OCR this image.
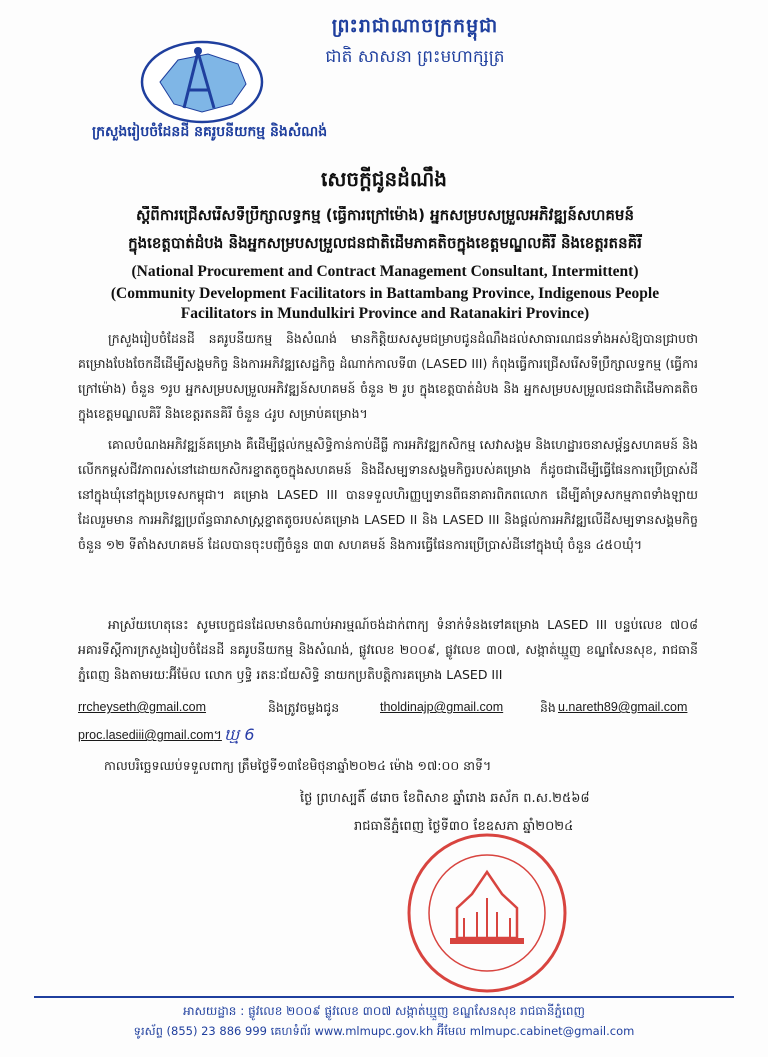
ព្រះរាជាណាចក្រកម្ពុជា
ជាតិ សាសនា ព្រះមហាក្សត្រ
ក្រសួងរៀបចំដែនដី នគរូបនីយកម្ម និងសំណង់
សេចក្តីជូនដំណឹង
ស្តីពីការជ្រើសរើសទីប្រឹក្សាលទ្ធកម្ម (ធ្វើការក្រៅម៉ោង) អ្នកសម្របសម្រួលអភិវឌ្ឍន៍សហគមន៍
ក្នុងខេត្តបាត់ដំបង និងអ្នកសម្របសម្រួលជនជាតិដើមភាគតិចក្នុងខេត្តមណ្ឌលគិរី និងខេត្តរតនគិរី
(National Procurement and Contract Management Consultant, Intermittent)
(Community Development Facilitators in Battambang Province, Indigenous People
Facilitators in Mundulkiri Province and Ratanakiri Province)
ក្រសួងរៀបចំដែនដី នគរូបនីយកម្ម និងសំណង់ មានកិត្តិយសសូមជម្រាបជូនដំណឹងដល់សាធារណជនទាំងអស់ឱ្យបានជ្រាបថា គម្រោងបែងចែកដីដើម្បីសង្គមកិច្ច និងការអភិវឌ្ឍសេដ្ឋកិច្ច ដំណាក់កាលទី៣ (LASED III) កំពុងធ្វើការជ្រើសរើសទីប្រឹក្សាលទ្ធកម្ម (ធ្វើការក្រៅម៉ោង) ចំនួន ១រូប អ្នកសម្របសម្រួលអភិវឌ្ឍន៍សហគមន៍ ចំនួន ២ រូប ក្នុងខេត្តបាត់ដំបង និង អ្នកសម្របសម្រួលជនជាតិដើមភាគតិចក្នុងខេត្តមណ្ឌលគិរី និងខេត្តរតនគិរី ចំនួន ៤រូប សម្រាប់គម្រោង។
គោលបំណងអភិវឌ្ឍន៍គម្រោង គឺដើម្បីផ្តល់កម្មសិទ្ធិកាន់កាប់ដីធ្លី ការអភិវឌ្ឍកសិកម្ម សេវាសង្គម និងហេដ្ឋារចនាសម្ព័ន្ធសហគមន៍ និងលើកកម្ពស់ជីវភាពរស់នៅដោយកសិករខ្នាតតូចក្នុងសហគមន៍ និងដីសម្បទានសង្គមកិច្ចរបស់គម្រោង ក៏ដូចជាដើម្បីធ្វើផែនការប្រើប្រាស់ដីនៅក្នុងឃុំនៅក្នុងប្រទេសកម្ពុជា។ គម្រោង LASED III បានទទួលហិរញ្ញប្បទានពីធនាគារពិភពលោក ដើម្បីគាំទ្រសកម្មភាពទាំងឡាយដែលរួមមាន ការអភិវឌ្ឍប្រព័ន្ធធារាសាស្ត្រខ្នាតតូចរបស់គម្រោង LASED II និង LASED III និងផ្តល់ការអភិវឌ្ឍលើដីសម្បទានសង្គមកិច្ចចំនួន ១២ ទីតាំងសហគមន៍ ដែលបានចុះបញ្ជីចំនួន ៣៣ សហគមន៍ និងការធ្វើផែនការប្រើប្រាស់ដីនៅក្នុងឃុំ ចំនួន ៤៥០ឃុំ។
អាស្រ័យហេតុនេះ សូមបេក្ខជនដែលមានចំណាប់អារម្មណ៍ចង់ដាក់ពាក្យ ទំនាក់ទំនងទៅគម្រោង LASED III បន្ទប់លេខ ៧០៨ អគារទីស្តីការក្រសួងរៀបចំដែនដី នគរូបនីយកម្ម និងសំណង់, ផ្លូវលេខ ២០០៩, ផ្លូវលេខ ៣០៧, សង្កាត់ឃ្មួញ ខណ្ឌសែនសុខ, រាជធានីភ្នំពេញ និងតាមរយៈអ៊ីម៉ែល លោក ឫទ្ធិ រតនៈជ័យសិទ្ធិ នាយកប្រតិបត្តិការគម្រោង LASED III
rrcheyseth@gmail.com	និងត្រូវចម្លងជូន	tholdinajp@gmail.com	និង u.nareth89@gmail.com
proc.lasediii@gmail.com។ ឃ្ម 6
កាលបរិច្ឆេទឈប់ទទួលពាក្យ ត្រឹមថ្ងៃទី១៣ខែមិថុនាឆ្នាំ២០២៤ ម៉ោង ១៧:០០ នាទី។
ថ្ងៃ ព្រហស្បតិ៍ ៨រោច ខែពិសាខ ឆ្នាំរោង ឆស័ក ព.ស.២៥៦៨
រាជធានីភ្នំពេញ ថ្ងៃទី៣០ ខែឧសភា ឆ្នាំ២០២៤
អាសយដ្ឋាន : ផ្លូវលេខ ២០០៩ ផ្លូវលេខ ៣០៧ សង្កាត់ឃ្មួញ ខណ្ឌសែនសុខ រាជធានីភ្នំពេញ
ទូរស័ព្ទ (855) 23 886 999 គេហទំព័រ www.mlmupc.gov.kh អ៊ីមែល mlmupc.cabinet@gmail.com
